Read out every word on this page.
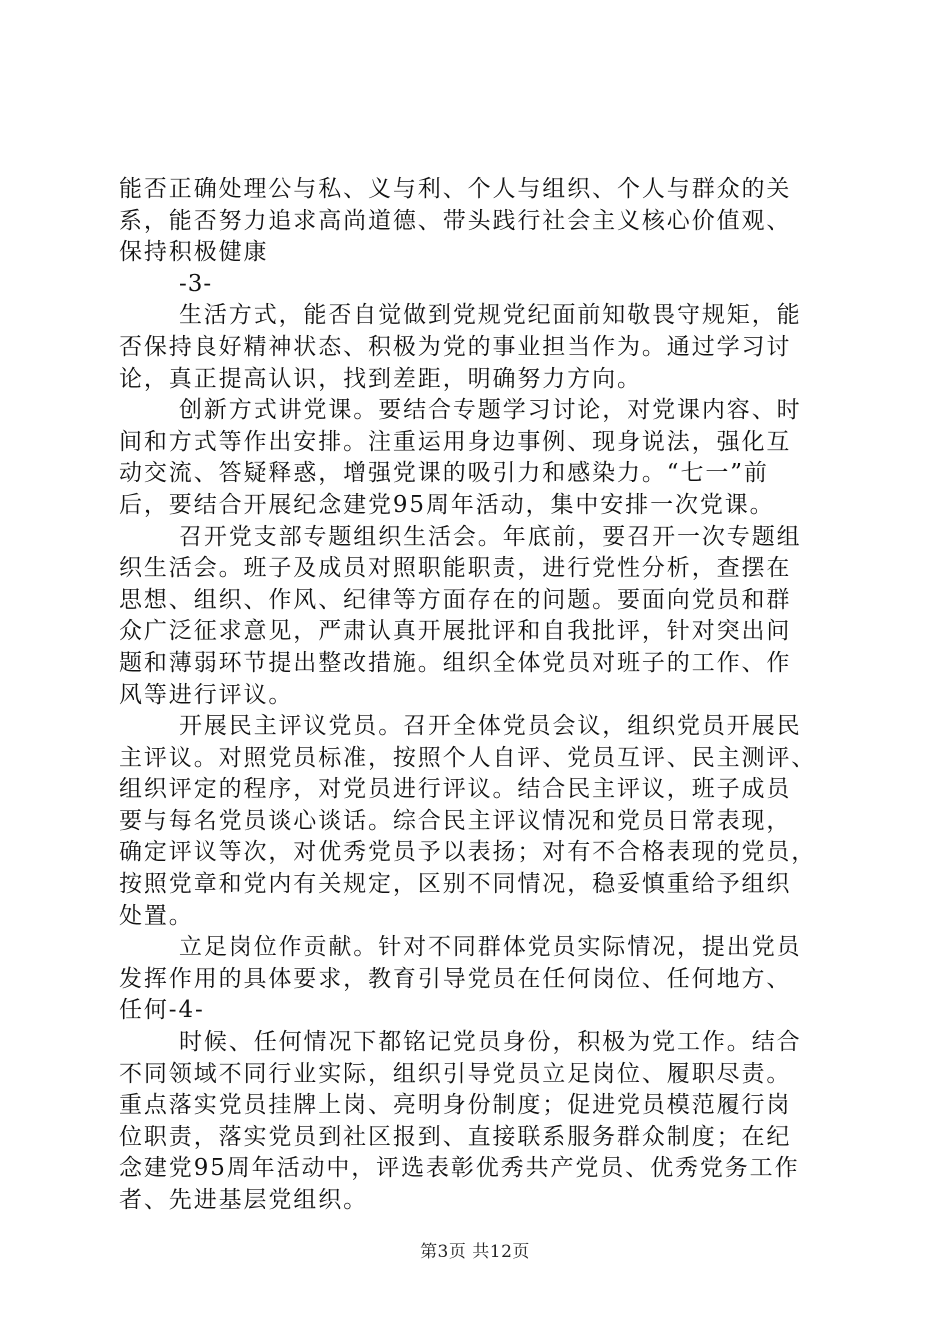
能否正确处理公与私、义与利、个人与组织、个人与群众的关
系，能否努力追求高尚道德、带头践行社会主义核心价值观、
保持积极健康
-3-
生活方式，能否自觉做到党规党纪面前知敬畏守规矩，能
否保持良好精神状态、积极为党的事业担当作为。通过学习讨
论，真正提高认识，找到差距，明确努力方向。
创新方式讲党课。要结合专题学习讨论，对党课内容、时
间和方式等作出安排。注重运用身边事例、现身说法，强化互
动交流、答疑释惑，增强党课的吸引力和感染力。“七一”前
后，要结合开展纪念建党95周年活动，集中安排一次党课。
召开党支部专题组织生活会。年底前，要召开一次专题组
织生活会。班子及成员对照职能职责，进行党性分析，查摆在
思想、组织、作风、纪律等方面存在的问题。要面向党员和群
众广泛征求意见，严肃认真开展批评和自我批评，针对突出问
题和薄弱环节提出整改措施。组织全体党员对班子的工作、作
风等进行评议。
开展民主评议党员。召开全体党员会议，组织党员开展民
主评议。对照党员标准，按照个人自评、党员互评、民主测评、
组织评定的程序，对党员进行评议。结合民主评议，班子成员
要与每名党员谈心谈话。综合民主评议情况和党员日常表现，
确定评议等次，对优秀党员予以表扬；对有不合格表现的党员，
按照党章和党内有关规定，区别不同情况，稳妥慎重给予组织
处置。
立足岗位作贡献。针对不同群体党员实际情况，提出党员
发挥作用的具体要求，教育引导党员在任何岗位、任何地方、
任何-4-
时候、任何情况下都铭记党员身份，积极为党工作。结合
不同领域不同行业实际，组织引导党员立足岗位、履职尽责。
重点落实党员挂牌上岗、亮明身份制度；促进党员模范履行岗
位职责，落实党员到社区报到、直接联系服务群众制度；在纪
念建党95周年活动中，评选表彰优秀共产党员、优秀党务工作
者、先进基层党组织。
第3页 共12页
